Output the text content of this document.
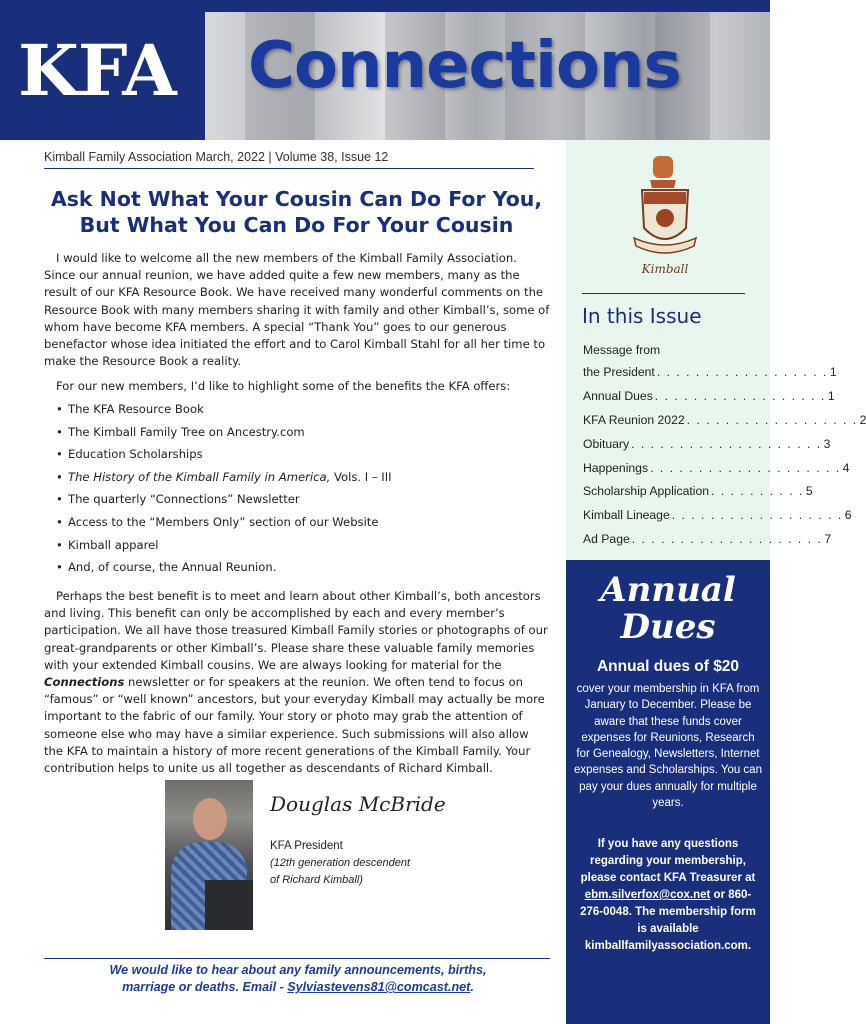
KFA Connections
Kimball Family Association March, 2022 | Volume 38, Issue 12
Ask Not What Your Cousin Can Do For You,
But What You Can Do For Your Cousin

I would like to welcome all the new members of the Kimball Family Association. Since our annual reunion, we have added quite a few new members, many as the result of our KFA Resource Book. We have received many wonderful comments on the Resource Book with many members sharing it with family and other Kimball’s, some of whom have become KFA members. A special “Thank You” goes to our generous benefactor whose idea initiated the effort and to Carol Kimball Stahl for all her time to make the Resource Book a reality.

For our new members, I’d like to highlight some of the benefits the KFA offers:

• The KFA Resource Book
• The Kimball Family Tree on Ancestry.com
• Education Scholarships
• The History of the Kimball Family in America, Vols. I – III
• The quarterly “Connections” Newsletter
• Access to the “Members Only” section of our Website
• Kimball apparel
• And, of course, the Annual Reunion.

Perhaps the best benefit is to meet and learn about other Kimball’s, both ancestors and living. This benefit can only be accomplished by each and every member’s participation. We all have those treasured Kimball Family stories or photographs of our great-grandparents or other Kimball’s. Please share these valuable family memories with your extended Kimball cousins. We are always looking for material for the Connections newsletter or for speakers at the reunion. We often tend to focus on “famous” or “well known” ancestors, but your everyday Kimball may actually be more important to the fabric of our family. Your story or photo may grab the attention of someone else who may have a similar experience. Such submissions will also allow the KFA to maintain a history of more recent generations of the Kimball Family. Your contribution helps to unite us all together as descendants of Richard Kimball.

Douglas McBride
KFA President
(12th generation descendent
of Richard Kimball)
We would like to hear about any family announcements, births,
marriage or deaths. Email - Sylviastevens81@comcast.net.
Kimball
In this Issue
Message from
the President . . . . . . . . . . . . . . . . . . 1
Annual Dues . . . . . . . . . . . . . . . . . . 1
KFA Reunion 2022 . . . . . . . . . . . . . . . . . . 2
Obituary . . . . . . . . . . . . . . . . . . . . 3
Happenings . . . . . . . . . . . . . . . . . . . . 4
Scholarship Application . . . . . . . . . . 5
Kimball Lineage . . . . . . . . . . . . . . . . . . 6
Ad Page . . . . . . . . . . . . . . . . . . . . 7
Annual
Dues
Annual dues of $20
cover your membership in KFA from January to December. Please be aware that these funds cover expenses for Reunions, Research for Genealogy, Newsletters, Internet expenses and Scholarships. You can pay your dues annually for multiple years.
If you have any questions regarding your membership, please contact KFA Treasurer at ebm.silverfox@cox.net or 860-276-0048. The membership form is available kimballfamilyassociation.com.
